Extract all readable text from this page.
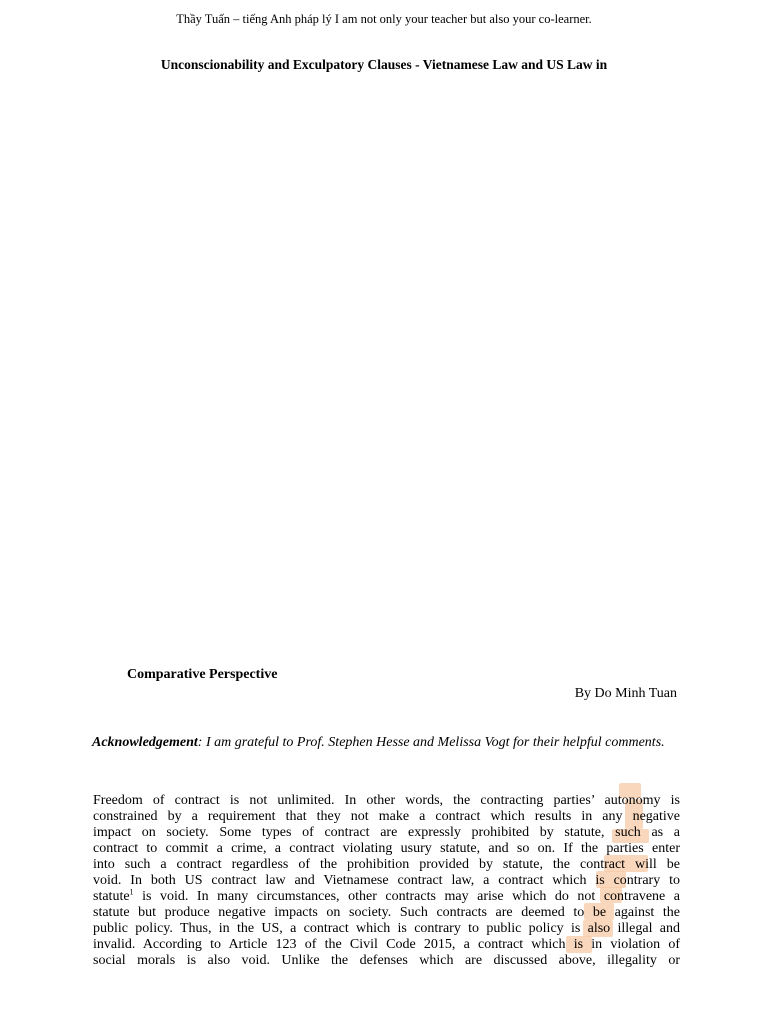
Thầy Tuấn – tiếng Anh pháp lý I am not only your teacher but also your co-learner.
Unconscionability and Exculpatory Clauses - Vietnamese Law and US Law in
Comparative Perspective
By Do Minh Tuan
Acknowledgement: I am grateful to Prof. Stephen Hesse and Melissa Vogt for their helpful comments.
Freedom of contract is not unlimited. In other words, the contracting parties’ autonomy is
constrained by a requirement that they not make a contract which results in any negative
impact on society. Some types of contract are expressly prohibited by statute, such as a
contract to commit a crime, a contract violating usury statute, and so on. If the parties enter
into such a contract regardless of the prohibition provided by statute, the contract will be
void. In both US contract law and Vietnamese contract law, a contract which is contrary to
statute$^1$ is void. In many circumstances, other contracts may arise which do not contravene a
statute but produce negative impacts on society. Such contracts are deemed to be against the
public policy. Thus, in the US, a contract which is contrary to public policy is also illegal and
invalid. According to Article 123 of the Civil Code 2015, a contract which is in violation of
social morals is also void. Unlike the defenses which are discussed above, illegality or
